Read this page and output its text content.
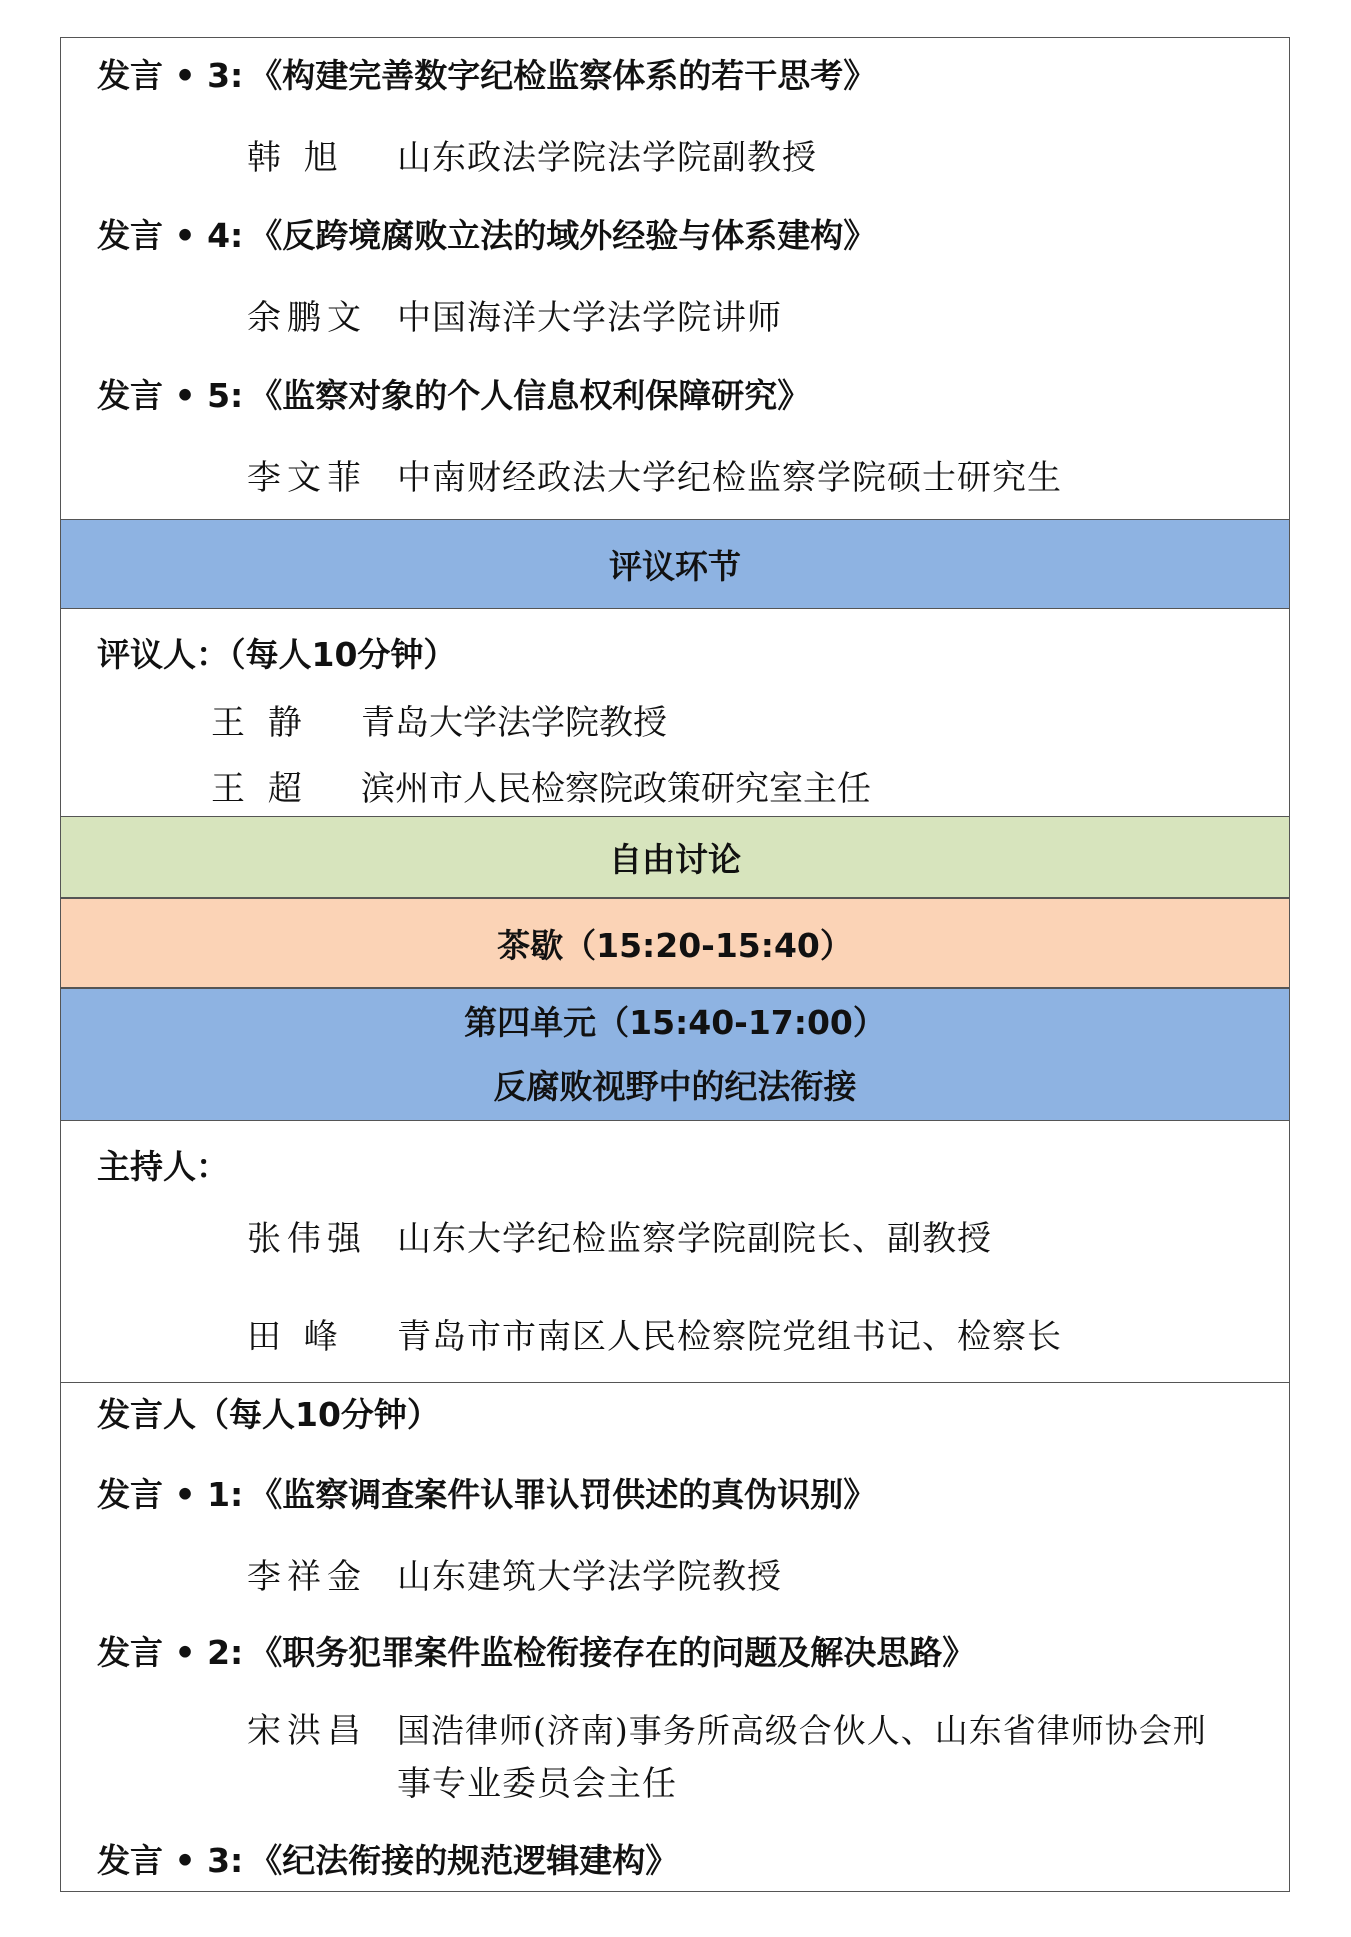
发言 • 3: 《构建完善数字纪检监察体系的若干思考》
韩 旭 山东政法学院法学院副教授
发言 • 4: 《反跨境腐败立法的域外经验与体系建构》
余鹏文 中国海洋大学法学院讲师
发言 • 5: 《监察对象的个人信息权利保障研究》
李文菲 中南财经政法大学纪检监察学院硕士研究生
评议环节
评议人：（每人10分钟）
王 静 青岛大学法学院教授
王 超 滨州市人民检察院政策研究室主任
自由讨论
茶歇（15:20-15:40）
第四单元（15:40-17:00）
反腐败视野中的纪法衔接
主持人：
张伟强 山东大学纪检监察学院副院长、副教授
田 峰 青岛市市南区人民检察院党组书记、检察长
发言人（每人10分钟）
发言 • 1: 《监察调查案件认罪认罚供述的真伪识别》
李祥金 山东建筑大学法学院教授
发言 • 2: 《职务犯罪案件监检衔接存在的问题及解决思路》
宋洪昌 国浩律师(济南)事务所高级合伙人、山东省律师协会刑
事专业委员会主任
发言 • 3: 《纪法衔接的规范逻辑建构》
